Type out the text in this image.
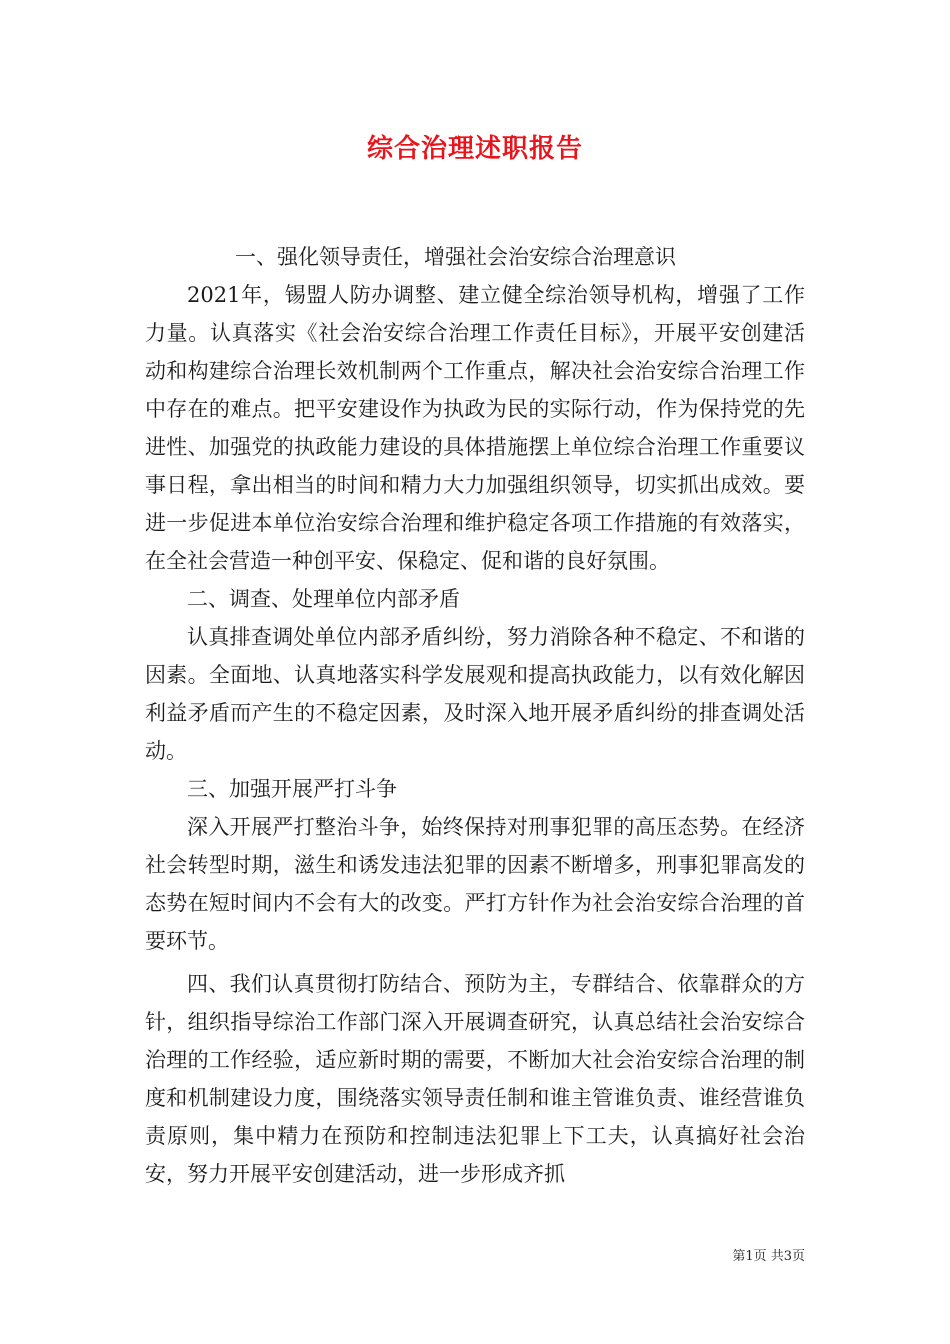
综合治理述职报告

一、强化领导责任，增强社会治安综合治理意识

2021年，锡盟人防办调整、建立健全综治领导机构，增强了工作力量。认真落实《社会治安综合治理工作责任目标》，开展平安创建活动和构建综合治理长效机制两个工作重点，解决社会治安综合治理工作中存在的难点。把平安建设作为执政为民的实际行动，作为保持党的先进性、加强党的执政能力建设的具体措施摆上单位综合治理工作重要议事日程，拿出相当的时间和精力大力加强组织领导，切实抓出成效。要进一步促进本单位治安综合治理和维护稳定各项工作措施的有效落实，在全社会营造一种创平安、保稳定、促和谐的良好氛围。

二、调查、处理单位内部矛盾

认真排查调处单位内部矛盾纠纷，努力消除各种不稳定、不和谐的因素。全面地、认真地落实科学发展观和提高执政能力，以有效化解因利益矛盾而产生的不稳定因素，及时深入地开展矛盾纠纷的排查调处活动。

三、加强开展严打斗争

深入开展严打整治斗争，始终保持对刑事犯罪的高压态势。在经济社会转型时期，滋生和诱发违法犯罪的因素不断增多，刑事犯罪高发的态势在短时间内不会有大的改变。严打方针作为社会治安综合治理的首要环节。

四、我们认真贯彻打防结合、预防为主，专群结合、依靠群众的方针，组织指导综治工作部门深入开展调查研究，认真总结社会治安综合治理的工作经验，适应新时期的需要，不断加大社会治安综合治理的制度和机制建设力度，围绕落实领导责任制和谁主管谁负责、谁经营谁负责原则，集中精力在预防和控制违法犯罪上下工夫，认真搞好社会治安，努力开展平安创建活动，进一步形成齐抓

第1页 共3页
